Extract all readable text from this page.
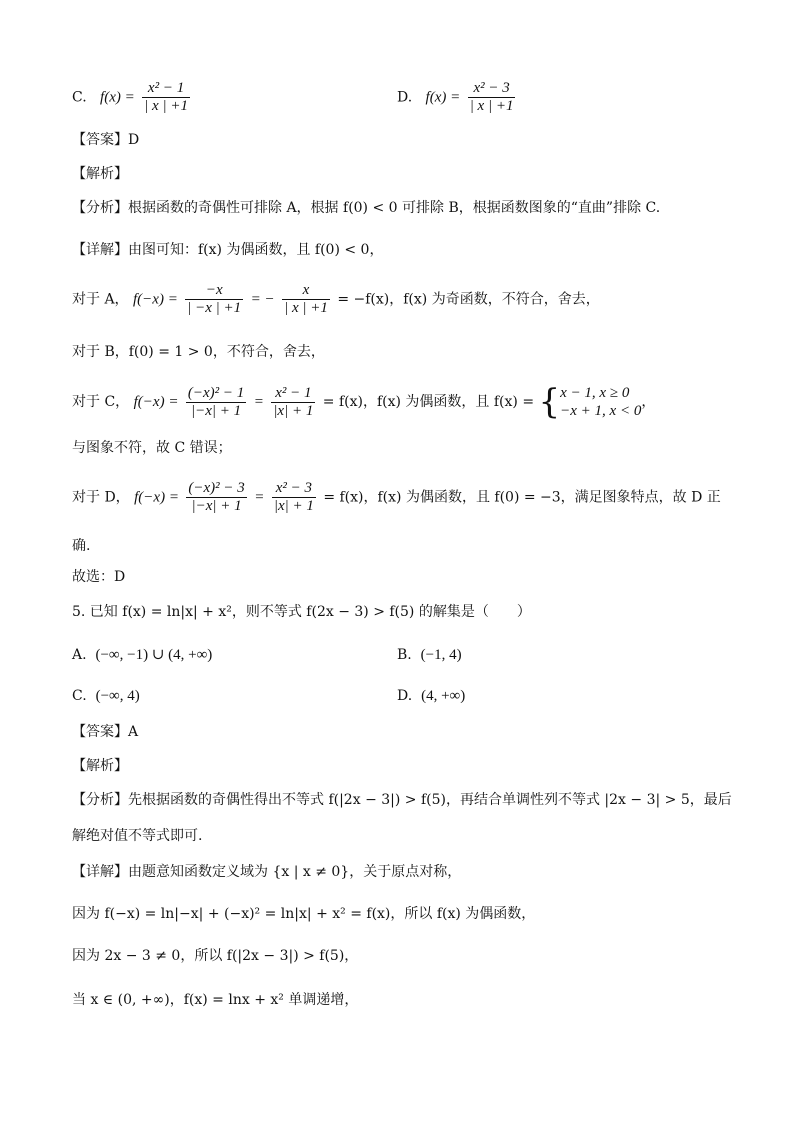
C. $f(x) = \frac{\text{x² − 1}}{| x | +1}$	D. $f(x) = \frac{\text{x² − 3}}{| x | +1}$
【答案】D
【解析】
【分析】根据函数的奇偶性可排除 A，根据 f(0) < 0 可排除 B，根据函数图象的“直曲”排除 C.
【详解】由图可知：f(x) 为偶函数，且 f(0) < 0，
对于 A， $f(-x) = \frac{-x}{| -x | +1}$ = − $\frac{x}{| x | +1} = -f(x)$，f(x) 为奇函数，不符合，舍去，
对于 B，f(0) = 1 > 0，不符合，舍去，
对于 C， $f(-x) = \frac{\text{(−x)² − 1}}{|-x| + 1} = \frac{\text{x² − 1}}{|x| + 1} = f(x)$，f(x) 为偶函数，且 f(x) = { x − 1, x ≥ 0
−x + 1, x < 0
，
与图象不符，故 C 错误；
对于 D， $f(-x) = \frac{\text{(−x)² − 3}}{|-x| + 1} = \frac{\text{x² − 3}}{|x| + 1} = f(x)$，f(x) 为偶函数，且 f(0) = −3，满足图象特点，故 D 正
确.
故选：D
5. 已知 f(x) = ln|x| + x²，则不等式 f(2x − 3) > f(5) 的解集是（　　）
A. (−∞, −1) ∪ (4, +∞)	B. (−1, 4)
C. (−∞, 4)	D. (4, +∞)
【答案】A
【解析】
【分析】先根据函数的奇偶性得出不等式 f(|2x − 3|) > f(5)，再结合单调性列不等式 |2x − 3| > 5，最后
解绝对值不等式即可.
【详解】由题意知函数定义域为 {x | x ≠ 0}，关于原点对称，
因为 f(−x) = ln|−x| + (−x)² = ln|x| + x² = f(x)，所以 f(x) 为偶函数，
因为 2x − 3 ≠ 0，所以 f(|2x − 3|) > f(5)，
当 x ∈ (0, +∞)，f(x) = lnx + x² 单调递增，
